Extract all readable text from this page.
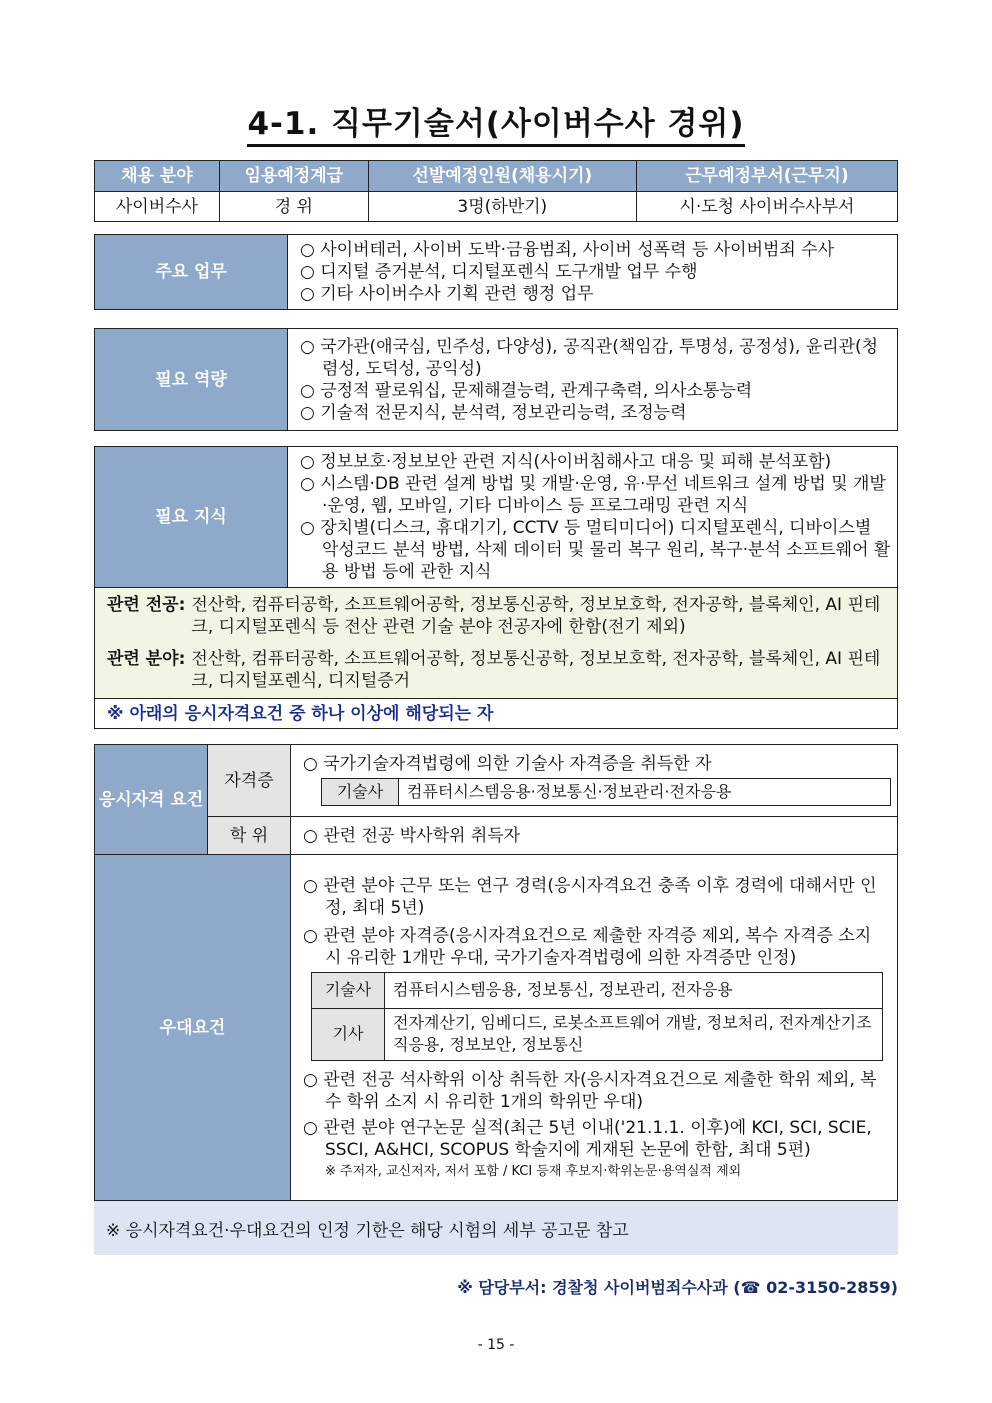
4-1. 직무기술서(사이버수사 경위)
채용 분야	임용예정계급	선발예정인원(채용시기)	근무예정부서(근무지)
사이버수사	경 위	3명(하반기)	시·도청 사이버수사부서
주요 업무	
○ 사이버테러, 사이버 도박·금융범죄, 사이버 성폭력 등 사이버범죄 수사
○ 디지털 증거분석, 디지털포렌식 도구개발 업무 수행
○ 기타 사이버수사 기획 관련 행정 업무
필요 역량	
○ 국가관(애국심, 민주성, 다양성), 공직관(책임감, 투명성, 공정성), 윤리관(청렴성, 도덕성, 공익성)
○ 긍정적 팔로워십, 문제해결능력, 관계구축력, 의사소통능력
○ 기술적 전문지식, 분석력, 정보관리능력, 조정능력
필요 지식	
○ 정보보호·정보보안 관련 지식(사이버침해사고 대응 및 피해 분석포함)
○ 시스템·DB 관련 설계 방법 및 개발·운영, 유·무선 네트워크 설계 방법 및 개발·운영, 웹, 모바일, 기타 디바이스 등 프로그래밍 관련 지식
○ 장치별(디스크, 휴대기기, CCTV 등 멀티미디어) 디지털포렌식, 디바이스별 악성코드 분석 방법, 삭제 데이터 및 물리 복구 원리, 복구·분석 소프트웨어 활용 방법 등에 관한 지식

관련 전공: 전산학, 컴퓨터공학, 소프트웨어공학, 정보통신공학, 정보보호학, 전자공학, 블록체인, AI 핀테크, 디지털포렌식 등 전산 관련 기술 분야 전공자에 한함(전기 제외)
관련 분야: 전산학, 컴퓨터공학, 소프트웨어공학, 정보통신공학, 정보보호학, 전자공학, 블록체인, AI 핀테크, 디지털포렌식, 디지털증거

※ 아래의 응시자격요건 중 하나 이상에 해당되는 자
응시자격 요건	자격증	
○ 국가기술자격법령에 의한 기술사 자격증을 취득한 자
기술사	컴퓨터시스템응용·정보통신·정보관리·전자응용

학 위	○ 관련 전공 박사학위 취득자

우대요건	
○ 관련 분야 근무 또는 연구 경력(응시자격요건 충족 이후 경력에 대해서만 인정, 최대 5년)
○ 관련 분야 자격증(응시자격요건으로 제출한 자격증 제외, 복수 자격증 소지 시 유리한 1개만 우대, 국가기술자격법령에 의한 자격증만 인정)
기술사	컴퓨터시스템응용, 정보통신, 정보관리, 전자응용
기사	전자계산기, 임베디드, 로봇소프트웨어 개발, 정보처리, 전자계산기조직응용, 정보보안, 정보통신
○ 관련 전공 석사학위 이상 취득한 자(응시자격요건으로 제출한 학위 제외, 복수 학위 소지 시 유리한 1개의 학위만 우대)
○ 관련 분야 연구논문 실적(최근 5년 이내('21.1.1. 이후)에 KCI, SCI, SCIE, SSCI, A&HCI, SCOPUS 학술지에 게재된 논문에 한함, 최대 5편)
※ 주저자, 교신저자, 저서 포함 / KCI 등재 후보지·학위논문·용역실적 제외
※ 응시자격요건·우대요건의 인정 기한은 해당 시험의 세부 공고문 참고
※ 담당부서: 경찰청 사이버범죄수사과 (☎ 02-3150-2859)
- 15 -
